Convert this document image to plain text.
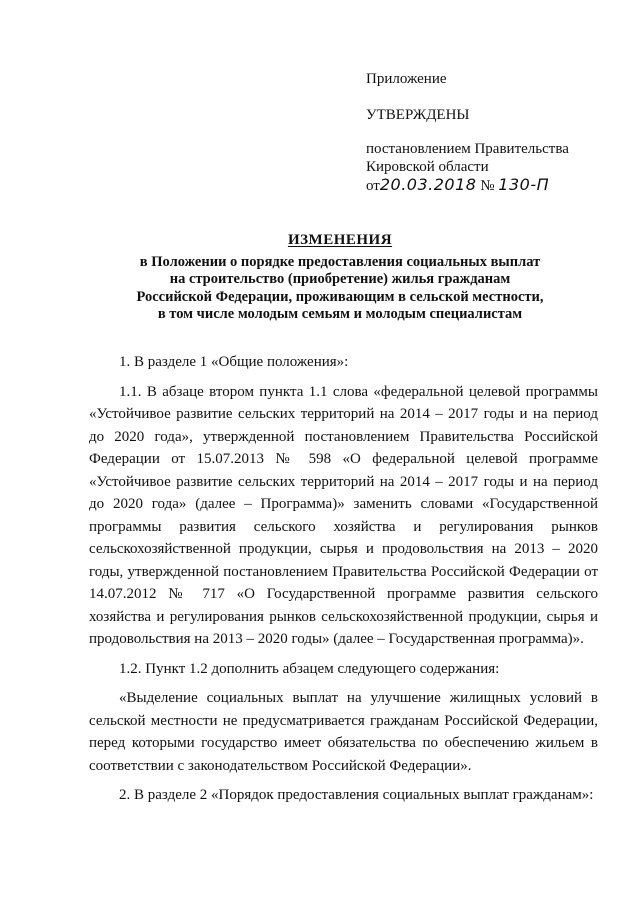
Приложение
УТВЕРЖДЕНЫ
постановлением Правительства
Кировской области
от20.03.2018 № 130-П
ИЗМЕНЕНИЯ
в Положении о порядке предоставления социальных выплат
на строительство (приобретение) жилья гражданам
Российской Федерации, проживающим в сельской местности,
в том числе молодым семьям и молодым специалистам

1. В разделе 1 «Общие положения»:

1.1. В абзаце втором пункта 1.1 слова «федеральной целевой программы «Устойчивое развитие сельских территорий на 2014 – 2017 годы и на период до 2020 года», утвержденной постановлением Правительства Российской Федерации от 15.07.2013 № 598 «О федеральной целевой программе «Устойчивое развитие сельских территорий на 2014 – 2017 годы и на период до 2020 года» (далее – Программа)» заменить словами «Государственной программы развития сельского хозяйства и регулирования рынков сельскохозяйственной продукции, сырья и продовольствия на 2013 – 2020 годы, утвержденной постановлением Правительства Российской Федерации от 14.07.2012 № 717 «О Государственной программе развития сельского хозяйства и регулирования рынков сельскохозяйственной продукции, сырья и продовольствия на 2013 – 2020 годы» (далее – Государственная программа)».

1.2. Пункт 1.2 дополнить абзацем следующего содержания:

«Выделение социальных выплат на улучшение жилищных условий в сельской местности не предусматривается гражданам Российской Федерации, перед которыми государство имеет обязательства по обеспечению жильем в соответствии с законодательством Российской Федерации».

2. В разделе 2 «Порядок предоставления социальных выплат гражданам»:
